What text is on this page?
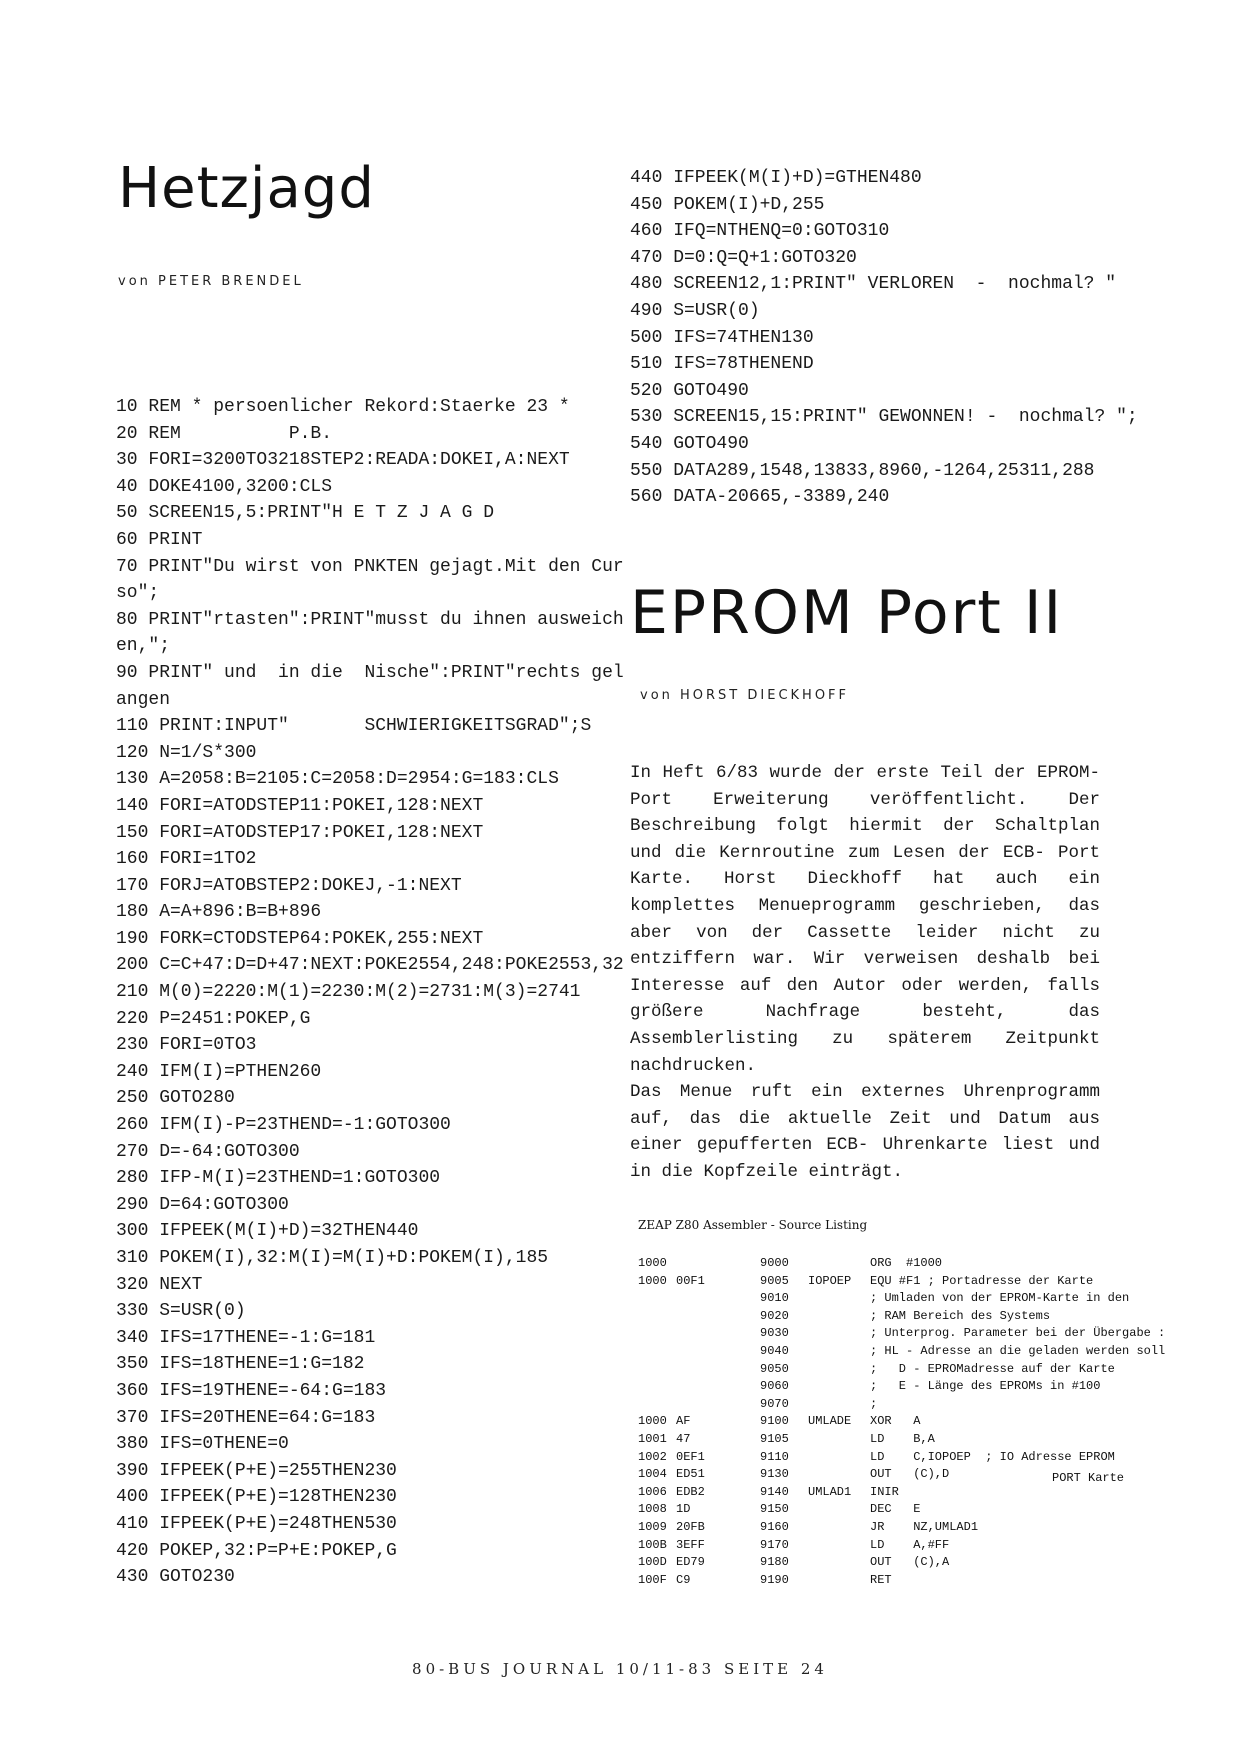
Hetzjagd
von PETER BRENDEL
10 REM * persoenlicher Rekord:Staerke 23 *
20 REM          P.B.
30 FORI=3200TO3218STEP2:READA:DOKEI,A:NEXT
40 DOKE4100,3200:CLS
50 SCREEN15,5:PRINT"H E T Z J A G D
60 PRINT
70 PRINT"Du wirst von PNKTEN gejagt.Mit den Cur
so";
80 PRINT"rtasten":PRINT"musst du ihnen ausweich
en,";
90 PRINT" und  in die  Nische":PRINT"rechts gel
angen
110 PRINT:INPUT"       SCHWIERIGKEITSGRAD";S
120 N=1/S*300
130 A=2058:B=2105:C=2058:D=2954:G=183:CLS
140 FORI=ATODSTEP11:POKEI,128:NEXT
150 FORI=ATODSTEP17:POKEI,128:NEXT
160 FORI=1TO2
170 FORJ=ATOBSTEP2:DOKEJ,-1:NEXT
180 A=A+896:B=B+896
190 FORK=CTODSTEP64:POKEK,255:NEXT
200 C=C+47:D=D+47:NEXT:POKE2554,248:POKE2553,32
210 M(0)=2220:M(1)=2230:M(2)=2731:M(3)=2741
220 P=2451:POKEP,G
230 FORI=0TO3
240 IFM(I)=PTHEN260
250 GOTO280
260 IFM(I)-P=23THEND=-1:GOTO300
270 D=-64:GOTO300
280 IFP-M(I)=23THEND=1:GOTO300
290 D=64:GOTO300
300 IFPEEK(M(I)+D)=32THEN440
310 POKEM(I),32:M(I)=M(I)+D:POKEM(I),185
320 NEXT
330 S=USR(0)
340 IFS=17THENE=-1:G=181
350 IFS=18THENE=1:G=182
360 IFS=19THENE=-64:G=183
370 IFS=20THENE=64:G=183
380 IFS=0THENE=0
390 IFPEEK(P+E)=255THEN230
400 IFPEEK(P+E)=128THEN230
410 IFPEEK(P+E)=248THEN530
420 POKEP,32:P=P+E:POKEP,G
430 GOTO230
440 IFPEEK(M(I)+D)=GTHEN480
450 POKEM(I)+D,255
460 IFQ=NTHENQ=0:GOTO310
470 D=0:Q=Q+1:GOTO320
480 SCREEN12,1:PRINT" VERLOREN  -  nochmal? "
490 S=USR(0)
500 IFS=74THEN130
510 IFS=78THENEND
520 GOTO490
530 SCREEN15,15:PRINT" GEWONNEN! -  nochmal? ";
540 GOTO490
550 DATA289,1548,13833,8960,-1264,25311,288
560 DATA-20665,-3389,240
EPROM Port II
von HORST DIECKHOFF

In Heft 6/83 wurde der erste Teil der EPROM-Port Erweiterung veröffentlicht. Der Beschreibung folgt hiermit der Schaltplan und die Kernroutine zum Lesen der ECB- Port Karte. Horst Dieckhoff hat auch ein komplettes Menueprogramm geschrieben, das aber von der Cassette leider nicht zu entziffern war. Wir verweisen deshalb bei Interesse auf den Autor oder werden, falls größere Nachfrage besteht, das Assemblerlisting zu späterem Zeitpunkt nachdrucken.

Das Menue ruft ein externes Uhrenprogramm auf, das die aktuelle Zeit und Datum aus einer gepufferten ECB- Uhrenkarte liest und in die Kopfzeile einträgt.

ZEAP Z80 Assembler - Source Listing
1000	9000	ORG  #1000
1000 00F1	9005 IOPOEP EQU #F1 ; Portadresse der Karte
9010	; Umladen von der EPROM-Karte in den
9020	; RAM Bereich des Systems
9030	; Unterprog. Parameter bei der Übergabe :
9040	; HL - Adresse an die geladen werden soll
9050	;   D - EPROMadresse auf der Karte
9060	;   E - Länge des EPROMs in #100
9070	;
1000 AF	9100 UMLADE XOR   A
1001 47	9105	LD    B,A
1002 0EF1	9110	LD    C,IOPOEP  ; IO Adresse EPROM
1004 ED51	9130	OUT   (C),D
1006 EDB2	9140 UMLAD1 INIR
1008 1D	9150	DEC   E
1009 20FB	9160	JR    NZ,UMLAD1
100B 3EFF	9170	LD    A,#FF
100D ED79	9180	OUT   (C),A
100F C9	9190	RET
PORT Karte
80-BUS JOURNAL 10/11-83 SEITE 24
